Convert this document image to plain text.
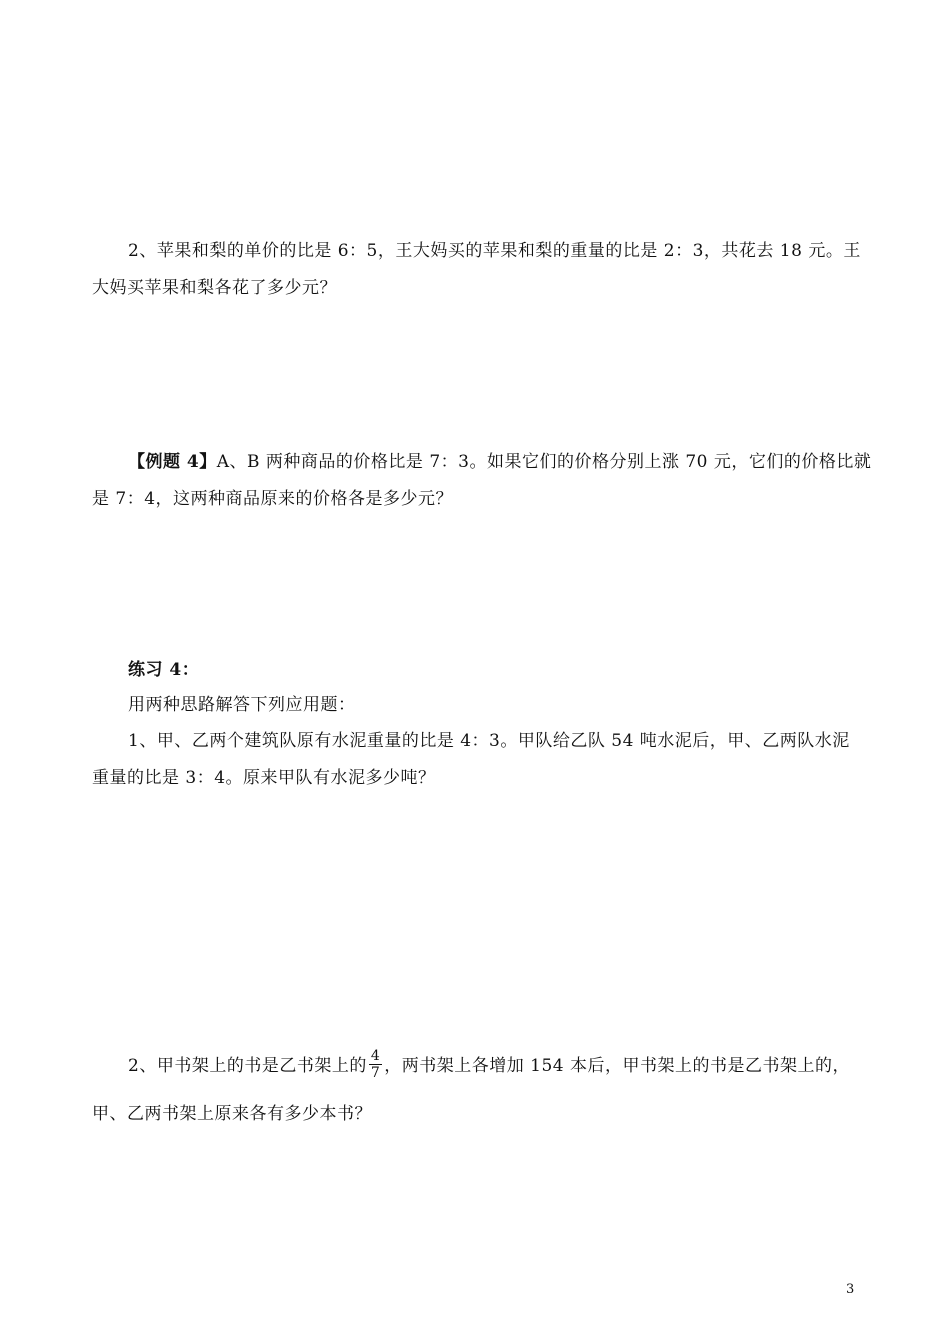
2、苹果和梨的单价的比是 6：5，王大妈买的苹果和梨的重量的比是 2：3，共花去 18 元。王
大妈买苹果和梨各花了多少元？
【例题 4】A、B 两种商品的价格比是 7：3。如果它们的价格分别上涨 70 元，它们的价格比就
是 7：4，这两种商品原来的价格各是多少元？
练习 4：
用两种思路解答下列应用题：
1、甲、乙两个建筑队原有水泥重量的比是 4：3。甲队给乙队 54 吨水泥后，甲、乙两队水泥
重量的比是 3：4。原来甲队有水泥多少吨？
2、甲书架上的书是乙书架上的 $\frac{4}{7}$ ，两书架上各增加 154 本后，甲书架上的书是乙书架上的，
甲、乙两书架上原来各有多少本书？
3
